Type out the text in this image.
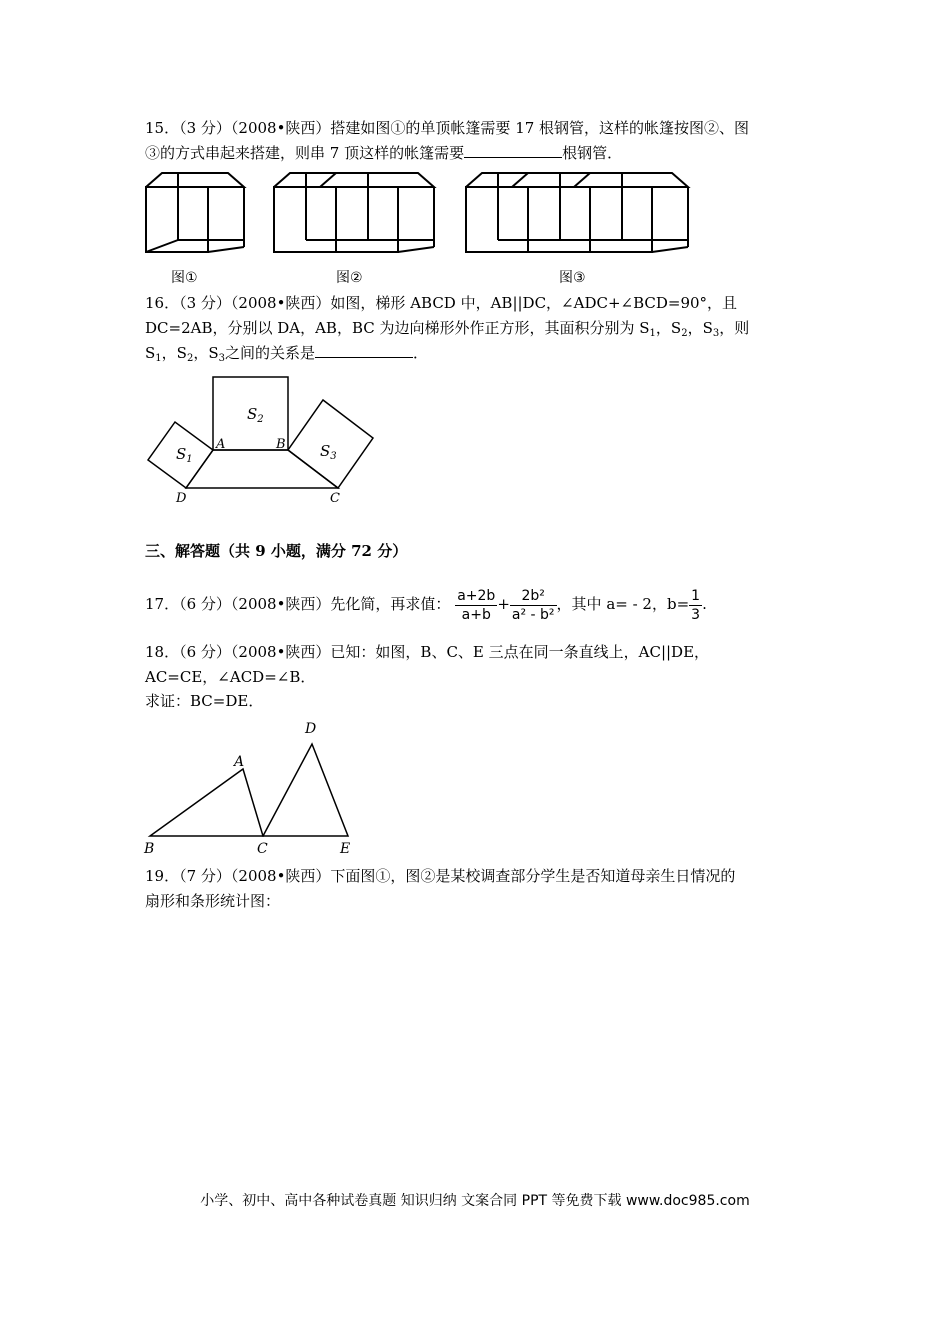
15．（3 分）（2008•陕西）搭建如图①的单顶帐篷需要 17 根钢管，这样的帐篷按图②、图
③的方式串起来搭建，则串 7 顶这样的帐篷需要	根钢管．
图①	图②	图③
16．（3 分）（2008•陕西）如图，梯形 ABCD 中，AB||DC，∠ADC+∠BCD=90°，且
DC=2AB，分别以 DA，AB，BC 为边向梯形外作正方形，其面积分别为 $S_1$，$S_2$，$S_3$，则
$S_1$，$S_2$，$S_3$之间的关系是	．
$S_1$
$S_2$
$S_3$
A	B
C
D
三、解答题（共 9 小题，满分 72 分）
17．（6 分）（2008•陕西）先化简，再求值： $\frac{a+2b}{a+b} + \frac{\text{2b²}}{\text{a² - b²}}$ ，其中 a= - 2，$b= \frac{1}{3}$ .
18．（6 分）（2008•陕西）已知：如图，B、C、E 三点在同一条直线上，AC||DE，
AC=CE，∠ACD=∠B．
求证：BC=DE．
A
B	C
D
E
19．（7 分）（2008•陕西）下面图①，图②是某校调查部分学生是否知道母亲生日情况的
扇形和条形统计图：
小学、初中、高中各种试卷真题 知识归纳 文案合同 PPT 等免费下载 www.doc985.com
